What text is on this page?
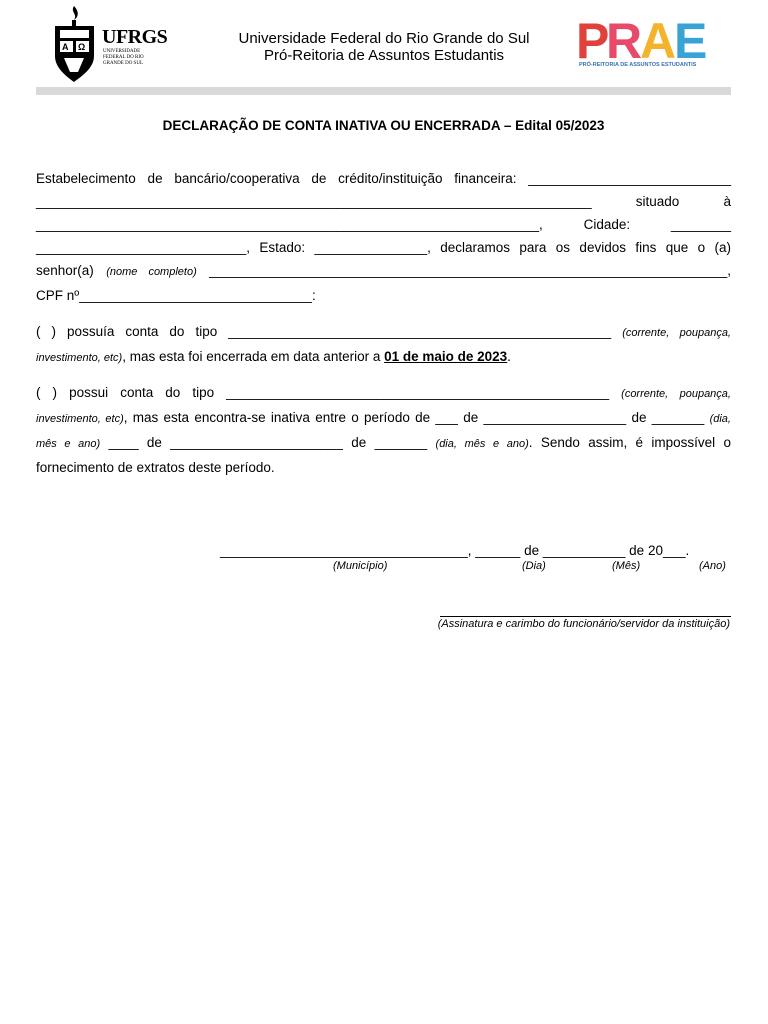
A Ω UFRGS
UNIVERSIDADE FEDERAL DO RIO GRANDE DO SUL
Universidade Federal do Rio Grande do Sul
Pró-Reitoria de Assuntos Estudantis	P
R A E
PRÓ-REITORIA DE ASSUNTOS ESTUDANTIS
DECLARAÇÃO DE CONTA INATIVA OU ENCERRADA – Edital 05/2023
Estabelecimento de bancário/cooperativa de crédito/instituição financeira: ___________________________
__________________________________________________________________________ situado à
___________________________________________________________________, Cidade: ________
____________________________, Estado: _______________, declaramos para os devidos fins que o (a)
senhor(a) (nome completo) _____________________________________________________________________,
CPF nº_______________________________:
( ) possuía conta do tipo ___________________________________________________ (corrente, poupança, investimento, etc), mas esta foi encerrada em data anterior a 01 de maio de 2023.
( ) possui conta do tipo ___________________________________________________ (corrente, poupança, investimento, etc), mas esta encontra-se inativa entre o período de ___ de ___________________ de _______ (dia, mês e ano) ____ de _______________________ de _______ (dia, mês e ano). Sendo assim, é impossível o fornecimento de extratos deste período.
_________________________________, ______ de ___________ de 20___.
(Município)	(Dia)	(Mês)	(Ano)
(Assinatura e carimbo do funcionário/servidor da instituição)
